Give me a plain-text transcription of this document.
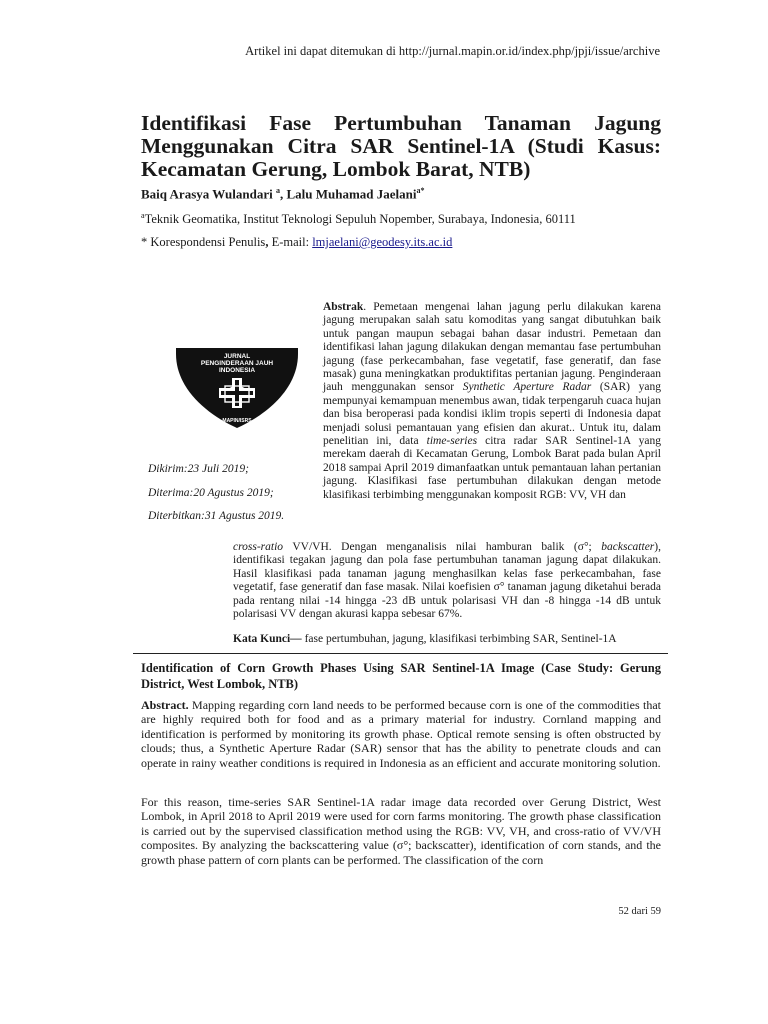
Artikel ini dapat ditemukan di http://jurnal.mapin.or.id/index.php/jpji/issue/archive
Identifikasi Fase Pertumbuhan Tanaman Jagung
Menggunakan Citra SAR Sentinel-1A (Studi Kasus:
Kecamatan Gerung, Lombok Barat, NTB)
Baiq Arasya Wulandari $^a$, Lalu Muhamad Jaelani$^{a*}$
$^a$Teknik Geomatika, Institut Teknologi Sepuluh Nopember, Surabaya, Indonesia, 60111
* Korespondensi Penulis, E-mail: lmjaelani@geodesy.its.ac.id
JURNAL
PENGINDERAAN JAUH
INDONESIA
MAPIN/ISRS
Dikirim:23 Juli 2019;
Diterima:20 Agustus 2019;
Diterbitkan:31 Agustus 2019.
Abstrak. Pemetaan mengenai lahan jagung perlu dilakukan karena jagung merupakan salah satu komoditas yang sangat dibutuhkan baik untuk pangan maupun sebagai bahan dasar industri. Pemetaan dan identifikasi lahan jagung dilakukan dengan memantau fase pertumbuhan jagung (fase perkecambahan, fase vegetatif, fase generatif, dan fase masak) guna meningkatkan produktifitas pertanian jagung. Penginderaan jauh menggunakan sensor Synthetic Aperture Radar (SAR) yang mempunyai kemampuan menembus awan, tidak terpengaruh cuaca hujan dan bisa beroperasi pada kondisi iklim tropis seperti di Indonesia dapat menjadi solusi pemantauan yang efisien dan akurat.. Untuk itu, dalam penelitian ini, data time-series citra radar SAR Sentinel-1A yang merekam daerah di Kecamatan Gerung, Lombok Barat pada bulan April 2018 sampai April 2019 dimanfaatkan untuk pemantauan lahan pertanian jagung. Klasifikasi fase pertumbuhan dilakukan dengan metode klasifikasi terbimbing menggunakan komposit RGB: VV, VH dan
cross-ratio VV/VH. Dengan menganalisis nilai hamburan balik (σ°; backscatter), identifikasi tegakan jagung dan pola fase pertumbuhan tanaman jagung dapat dilakukan. Hasil klasifikasi pada tanaman jagung menghasilkan kelas fase perkecambahan, fase vegetatif, fase generatif dan fase masak. Nilai koefisien σ° tanaman jagung diketahui berada pada rentang nilai -14 hingga -23 dB untuk polarisasi VH dan -8 hingga -14 dB untuk polarisasi VV dengan akurasi kappa sebesar 67%.
Kata Kunci— fase pertumbuhan, jagung, klasifikasi terbimbing SAR, Sentinel-1A
Identification of Corn Growth Phases Using SAR Sentinel-1A Image (Case Study: Gerung District, West Lombok, NTB)
Abstract. Mapping regarding corn land needs to be performed because corn is one of the commodities that are highly required both for food and as a primary material for industry. Cornland mapping and identification is performed by monitoring its growth phase. Optical remote sensing is often obstructed by clouds; thus, a Synthetic Aperture Radar (SAR) sensor that has the ability to penetrate clouds and can operate in rainy weather conditions is required in Indonesia as an efficient and accurate monitoring solution.
For this reason, time-series SAR Sentinel-1A radar image data recorded over Gerung District, West Lombok, in April 2018 to April 2019 were used for corn farms monitoring. The growth phase classification is carried out by the supervised classification method using the RGB: VV, VH, and cross-ratio of VV/VH composites. By analyzing the backscattering value (σ°; backscatter), identification of corn stands, and the growth phase pattern of corn plants can be performed. The classification of the corn
52 dari 59
